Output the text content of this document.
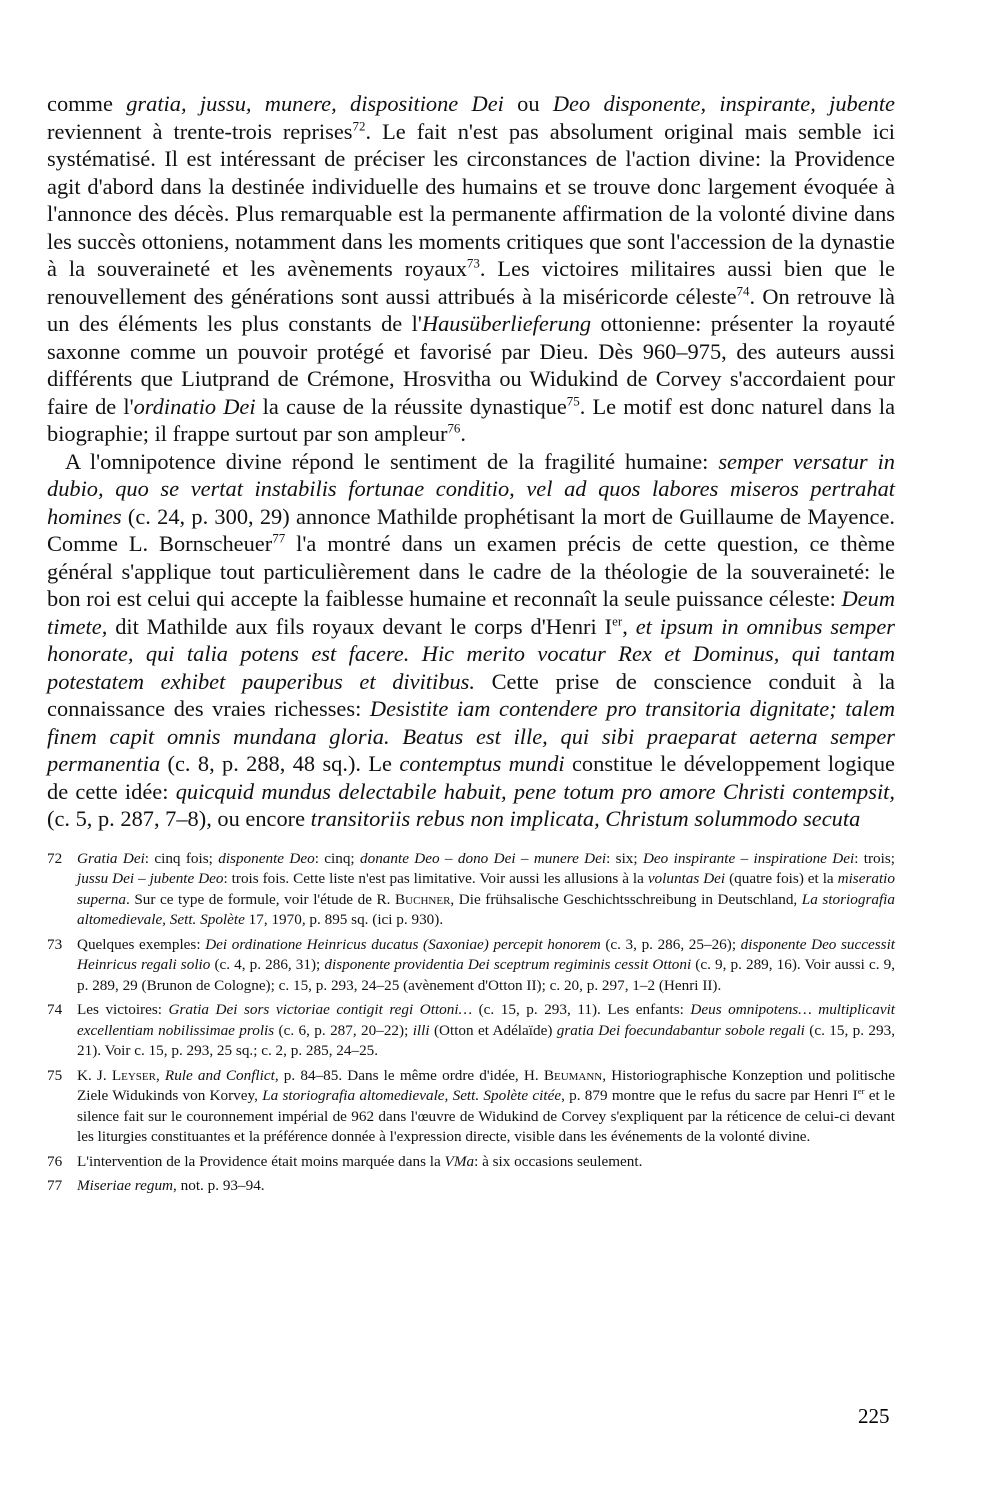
comme gratia, jussu, munere, dispositione Dei ou Deo disponente, inspirante, jubente reviennent à trente-trois reprises$^{72}$. Le fait n'est pas absolument original mais semble ici systématisé. Il est intéressant de préciser les circonstances de l'action divine: la Providence agit d'abord dans la destinée individuelle des humains et se trouve donc largement évoquée à l'annonce des décès. Plus remarquable est la permanente affirmation de la volonté divine dans les succès ottoniens, notamment dans les moments critiques que sont l'accession de la dynastie à la souveraineté et les avènements royaux$^{73}$. Les victoires militaires aussi bien que le renouvellement des générations sont aussi attribués à la miséricorde céleste$^{74}$. On retrouve là un des éléments les plus constants de l'Hausüberlieferung ottonienne: présenter la royauté saxonne comme un pouvoir protégé et favorisé par Dieu. Dès 960–975, des auteurs aussi différents que Liutprand de Crémone, Hrosvitha ou Widukind de Corvey s'accordaient pour faire de l'ordinatio Dei la cause de la réussite dynastique$^{75}$. Le motif est donc naturel dans la biographie; il frappe surtout par son ampleur$^{76}$.
A l'omnipotence divine répond le sentiment de la fragilité humaine: semper versatur in dubio, quo se vertat instabilis fortunae conditio, vel ad quos labores miseros pertrahat homines (c. 24, p. 300, 29) annonce Mathilde prophétisant la mort de Guillaume de Mayence. Comme L. Bornscheuer$^{77}$ l'a montré dans un examen précis de cette question, ce thème général s'applique tout particulièrement dans le cadre de la théologie de la souveraineté: le bon roi est celui qui accepte la faiblesse humaine et reconnaît la seule puissance céleste: Deum timete, dit Mathilde aux fils royaux devant le corps d'Henri Ier, et ipsum in omnibus semper honorate, qui talia potens est facere. Hic merito vocatur Rex et Dominus, qui tantam potestatem exhibet pauperibus et divitibus. Cette prise de conscience conduit à la connaissance des vraies richesses: Desistite iam contendere pro transitoria dignitate; talem finem capit omnis mundana gloria. Beatus est ille, qui sibi praeparat aeterna semper permanentia (c. 8, p. 288, 48 sq.). Le contemptus mundi constitue le développement logique de cette idée: quicquid mundus delectabile habuit, pene totum pro amore Christi contempsit, (c. 5, p. 287, 7–8), ou encore transitoriis rebus non implicata, Christum solummodo secuta
72 Gratia Dei: cinq fois; disponente Deo: cinq; donante Deo – dono Dei – munere Dei: six; Deo inspirante – inspiratione Dei: trois; jussu Dei – jubente Deo: trois fois. Cette liste n'est pas limitative. Voir aussi les allusions à la voluntas Dei (quatre fois) et la miseratio superna. Sur ce type de formule, voir l'étude de R. Buchner, Die frühsalische Geschichtsschreibung in Deutschland, La storiografia altomedievale, Sett. Spolète 17, 1970, p. 895 sq. (ici p. 930).
73 Quelques exemples: Dei ordinatione Heinricus ducatus (Saxoniae) percepit honorem (c. 3, p. 286, 25–26); disponente Deo successit Heinricus regali solio (c. 4, p. 286, 31); disponente providentia Dei sceptrum regiminis cessit Ottoni (c. 9, p. 289, 16). Voir aussi c. 9, p. 289, 29 (Brunon de Cologne); c. 15, p. 293, 24–25 (avènement d'Otton II); c. 20, p. 297, 1–2 (Henri II).
74 Les victoires: Gratia Dei sors victoriae contigit regi Ottoni… (c. 15, p. 293, 11). Les enfants: Deus omnipotens… multiplicavit excellentiam nobilissimae prolis (c. 6, p. 287, 20–22); illi (Otton et Adélaïde) gratia Dei foecundabantur sobole regali (c. 15, p. 293, 21). Voir c. 15, p. 293, 25 sq.; c. 2, p. 285, 24–25.
75 K. J. Leyser, Rule and Conflict, p. 84–85. Dans le même ordre d'idée, H. Beumann, Historiographische Konzeption und politische Ziele Widukinds von Korvey, La storiografia altomedievale, Sett. Spolète citée, p. 879 montre que le refus du sacre par Henri Ier et le silence fait sur le couronnement impérial de 962 dans l'œuvre de Widukind de Corvey s'expliquent par la réticence de celui-ci devant les liturgies constituantes et la préférence donnée à l'expression directe, visible dans les événements de la volonté divine.
76 L'intervention de la Providence était moins marquée dans la VMa: à six occasions seulement.
77 Miseriae regum, not. p. 93–94.
225
